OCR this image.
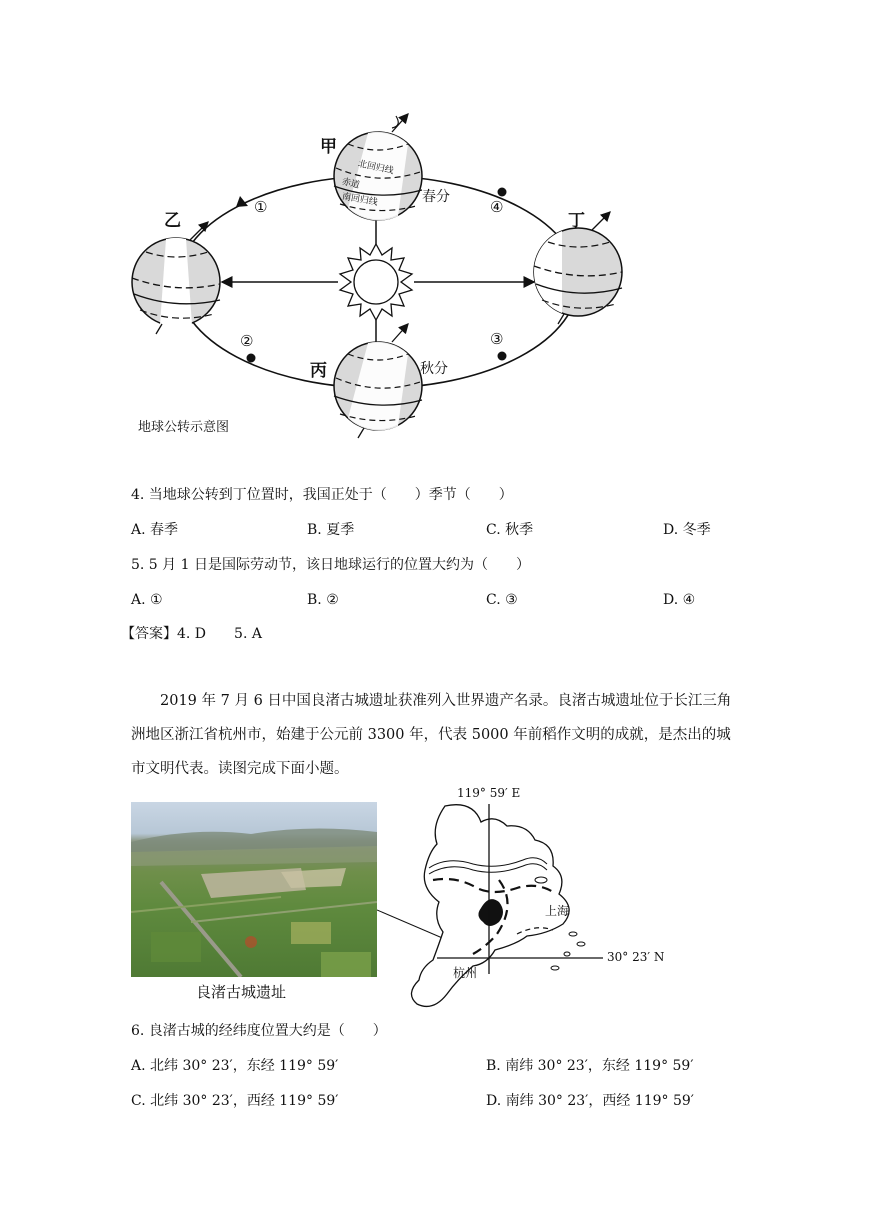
甲
乙
丙
丁
①
②	③
④
春分
秋分
北回归线
赤道
南回归线
地球公转示意图
4. 当地球公转到丁位置时，我国正处于（　　）季节（　　）
A. 春季	B. 夏季	C. 秋季	D. 冬季
5. 5 月 1 日是国际劳动节，该日地球运行的位置大约为（　　）
A. ①	B. ②	C. ③	D. ④
【答案】4. D　　5. A
2019 年 7 月 6 日中国良渚古城遗址获准列入世界遗产名录。良渚古城遗址位于长江三角洲地区浙江省杭州市，始建于公元前 3300 年，代表 5000 年前稻作文明的成就，是杰出的城市文明代表。读图完成下面小题。
良渚古城遗址
119° 59′ E
30° 23′ N
上海
杭州
6. 良渚古城的经纬度位置大约是（　　）
A. 北纬 30° 23′，东经 119° 59′	B. 南纬 30° 23′，东经 119° 59′
C. 北纬 30° 23′，西经 119° 59′	D. 南纬 30° 23′，西经 119° 59′
